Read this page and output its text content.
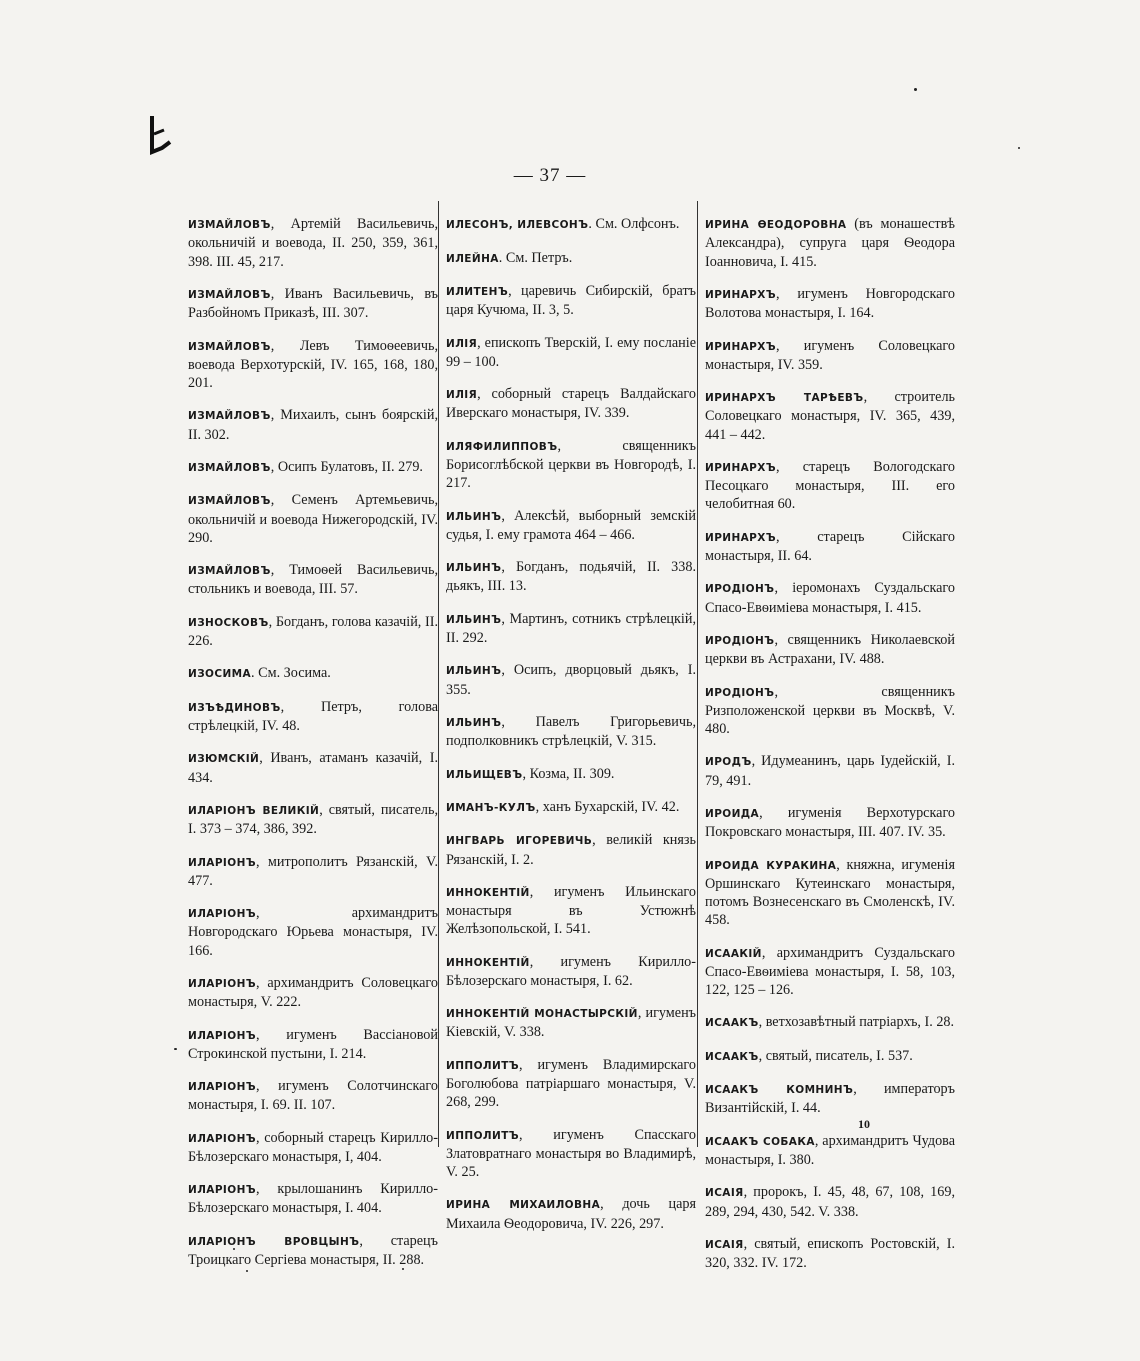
— 37 —

ИЗМАЙЛОВЪ, Артемій Васильевичь, окольничій и воевода, II. 250, 359, 361, 398. III. 45, 217.

ИЗМАЙЛОВЪ, Иванъ Васильевичь, въ Разбойномъ Приказѣ, III. 307.

ИЗМАЙЛОВЪ, Левъ Тимоѳеевичь, воевода Верхотурскій, IV. 165, 168, 180, 201.

ИЗМАЙЛОВЪ, Михаилъ, сынъ боярскій, II. 302.

ИЗМАЙЛОВЪ, Осипъ Булатовъ, II. 279.

ИЗМАЙЛОВЪ, Семенъ Артемьевичь, окольничій и воевода Нижегородскій, IV. 290.

ИЗМАЙЛОВЪ, Тимоѳей Васильевичь, стольникъ и воевода, III. 57.

ИЗНОСКОВЪ, Богданъ, голова казачій, II. 226.

ИЗОСИМА. См. Зосима.

ИЗЪѢДИНОВЪ, Петръ, голова стрѣлецкій, IV. 48.

ИЗЮМСКІЙ, Иванъ, атаманъ казачій, I. 434.

ИЛАРІОНЪ ВЕЛИКІЙ, святый, писатель, I. 373 – 374, 386, 392.

ИЛАРІОНЪ, митрополитъ Рязанскій, V. 477.

ИЛАРІОНЪ, архимандритъ Новгородскаго Юрьева монастыря, IV. 166.

ИЛАРІОНЪ, архимандритъ Соловецкаго монастыря, V. 222.

ИЛАРІОНЪ, игуменъ Вассіановой Строкинской пустыни, I. 214.

ИЛАРІОНЪ, игуменъ Солотчинскаго монастыря, I. 69. II. 107.

ИЛАРІОНЪ, соборный старецъ Кирилло-Бѣлозерскаго монастыря, I, 404.

ИЛАРІОНЪ, крылошанинъ Кирилло-Бѣлозерскаго монастыря, I. 404.

ИЛАРІОНЪ ВРОВЦЫНЪ, старецъ Троицкаго Сергіева монастыря, II. 288.

ИЛЕСОНЪ, ИЛЕВСОНЪ. См. Олфсонъ.

ИЛЕЙНА. См. Петръ.

ИЛИТЕНЪ, царевичь Сибирскій, братъ царя Кучюма, II. 3, 5.

ИЛІЯ, епископъ Тверскій, I. ему посланіе 99 – 100.

ИЛІЯ, соборный старецъ Валдайскаго Иверскаго монастыря, IV. 339.

ИЛЯФИЛИППОВЪ, священникъ Борисоглѣбской церкви въ Новгородѣ, I. 217.

ИЛЬИНЪ, Алексѣй, выборный земскій судья, I. ему грамота 464 – 466.

ИЛЬИНЪ, Богданъ, подьячій, II. 338. дьякъ, III. 13.

ИЛЬИНЪ, Мартинъ, сотникъ стрѣлецкій, II. 292.

ИЛЬИНЪ, Осипъ, дворцовый дьякъ, I. 355.

ИЛЬИНЪ, Павелъ Григорьевичь, подполковникъ стрѣлецкій, V. 315.

ИЛЬИЩЕВЪ, Козма, II. 309.

ИМАНЪ-КУЛЪ, ханъ Бухарскій, IV. 42.

ИНГВАРЬ ИГОРЕВИЧЬ, великій князь Рязанскій, I. 2.

ИННОКЕНТІЙ, игуменъ Ильинскаго монастыря въ Устюжнѣ Желѣзопольской, I. 541.

ИННОКЕНТІЙ, игуменъ Кирилло-Бѣлозерскаго монастыря, I. 62.

ИННОКЕНТІЙ МОНАСТЫРСКІЙ, игуменъ Кіевскій, V. 338.

ИППОЛИТЪ, игуменъ Владимирскаго Боголюбова патріаршаго монастыря, V. 268, 299.

ИППОЛИТЪ, игуменъ Спасскаго Златовратнаго монастыря во Владимирѣ, V. 25.

ИРИНА МИХАИЛОВНА, дочь царя Михаила Ѳеодоровича, IV. 226, 297.

ИРИНА ѲЕОДОРОВНА (въ монашествѣ Александра), супруга царя Ѳеодора Іоанновича, I. 415.

ИРИНАРХЪ, игуменъ Новгородскаго Волотова монастыря, I. 164.

ИРИНАРХЪ, игуменъ Соловецкаго монастыря, IV. 359.

ИРИНАРХЪ ТАРѢЕВЪ, строитель Соловецкаго монастыря, IV. 365, 439, 441 – 442.

ИРИНАРХЪ, старецъ Вологодскаго Песоцкаго монастыря, III. его челобитная 60.

ИРИНАРХЪ, старецъ Сійскаго монастыря, II. 64.

ИРОДІОНЪ, іеромонахъ Суздальскаго Спасо-Евѳиміева монастыря, I. 415.

ИРОДІОНЪ, священникъ Николаевской церкви въ Астрахани, IV. 488.

ИРОДІОНЪ, священникъ Ризположенской церкви въ Москвѣ, V. 480.

ИРОДЪ, Идумеанинъ, царь Іудейскій, I. 79, 491.

ИРОИДА, игуменія Верхотурскаго Покровскаго монастыря, III. 407. IV. 35.

ИРОИДА КУРАКИНА, княжна, игуменія Оршинскаго Кутеинскаго монастыря, потомъ Вознесенскаго въ Смоленскѣ, IV. 458.

ИСААКІЙ, архимандритъ Суздальскаго Спасо-Евѳиміева монастыря, I. 58, 103, 122, 125 – 126.

ИСААКЪ, ветхозавѣтный патріархъ, I. 28.

ИСААКЪ, святый, писатель, I. 537.

ИСААКЪ КОМНИНЪ, императоръ Византійскій, I. 44.

ИСААКЪ СОБАКА, архимандритъ Чудова монастыря, I. 380.

ИСАІЯ, пророкъ, I. 45, 48, 67, 108, 169, 289, 294, 430, 542. V. 338.

ИСАІЯ, святый, епископъ Ростовскій, I. 320, 332. IV. 172.

10
